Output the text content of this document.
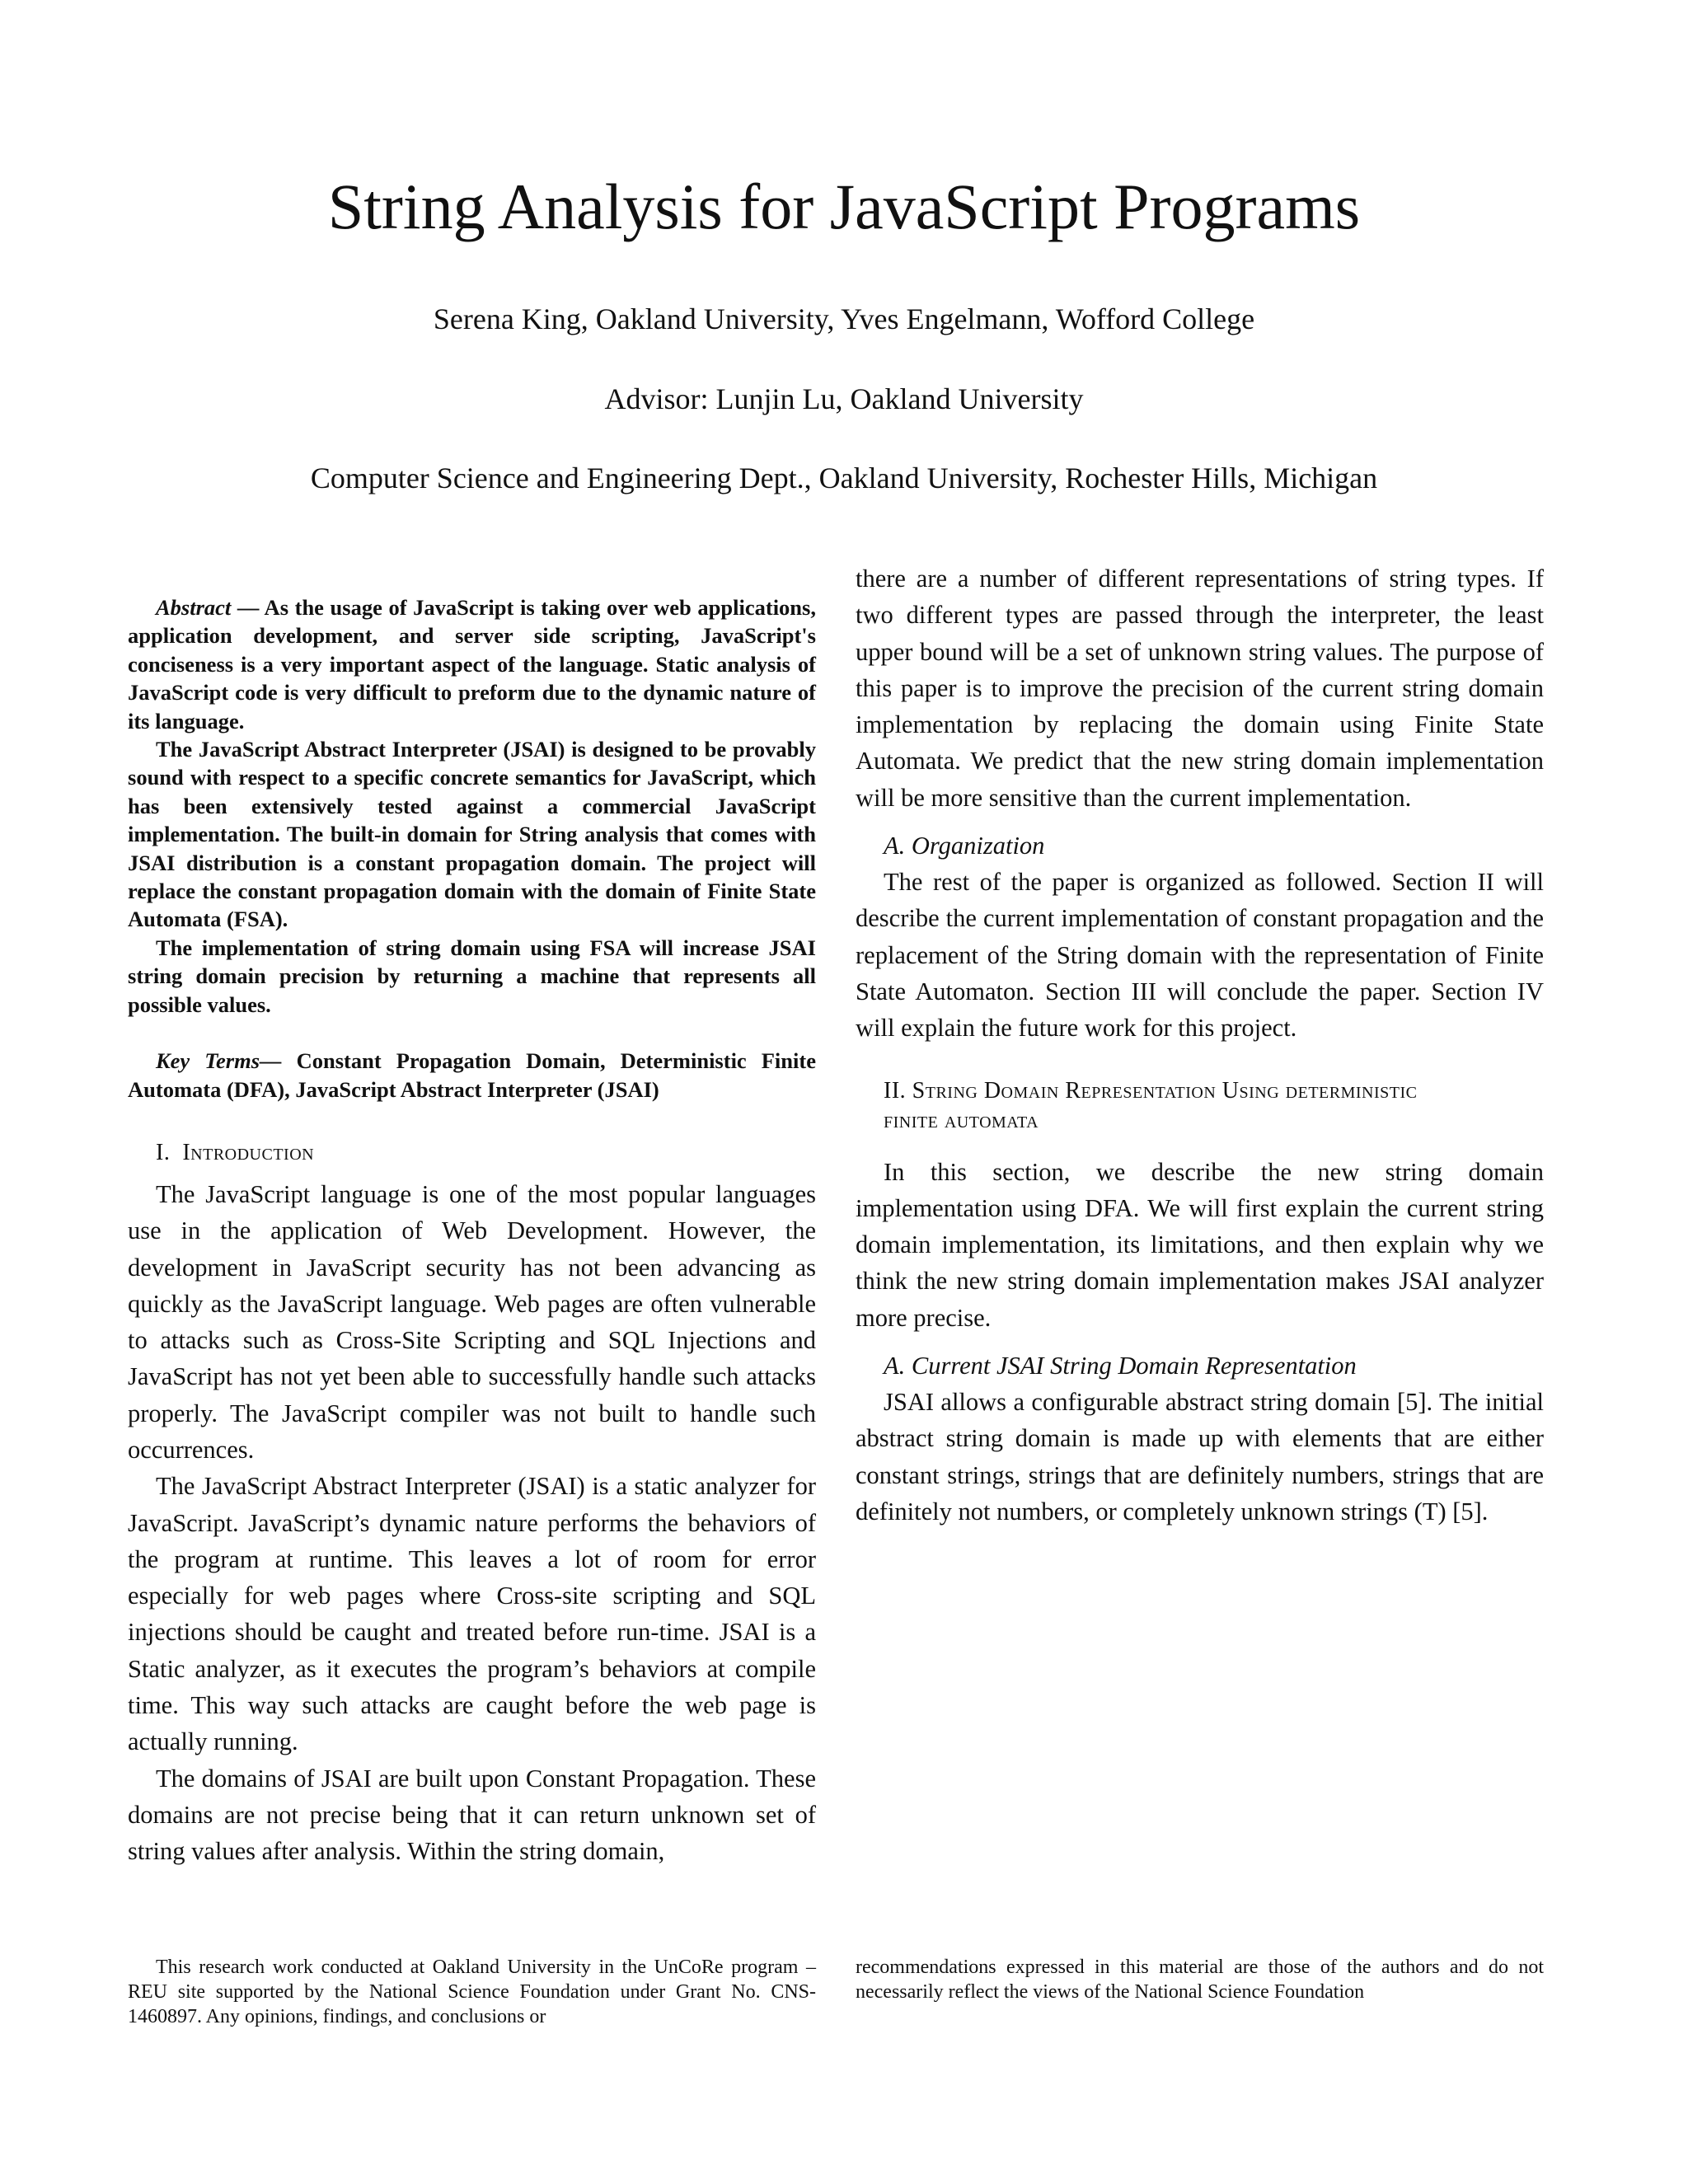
String Analysis for JavaScript Programs

Serena King, Oakland University, Yves Engelmann, Wofford College

Advisor: Lunjin Lu, Oakland University

Computer Science and Engineering Dept., Oakland University, Rochester Hills, Michigan

Abstract — As the usage of JavaScript is taking over web applications, application development, and server side scripting, JavaScript's conciseness is a very important aspect of the language. Static analysis of JavaScript code is very difficult to preform due to the dynamic nature of its language.

The JavaScript Abstract Interpreter (JSAI) is designed to be provably sound with respect to a specific concrete semantics for JavaScript, which has been extensively tested against a commercial JavaScript implementation. The built-in domain for String analysis that comes with JSAI distribution is a constant propagation domain. The project will replace the constant propagation domain with the domain of Finite State Automata (FSA).

The implementation of string domain using FSA will increase JSAI string domain precision by returning a machine that represents all possible values.

Key Terms— Constant Propagation Domain, Deterministic Finite Automata (DFA), JavaScript Abstract Interpreter (JSAI)

I. Introduction

The JavaScript language is one of the most popular languages use in the application of Web Development. However, the development in JavaScript security has not been advancing as quickly as the JavaScript language. Web pages are often vulnerable to attacks such as Cross-Site Scripting and SQL Injections and JavaScript has not yet been able to successfully handle such attacks properly. The JavaScript compiler was not built to handle such occurrences.

The JavaScript Abstract Interpreter (JSAI) is a static analyzer for JavaScript. JavaScript’s dynamic nature performs the behaviors of the program at runtime. This leaves a lot of room for error especially for web pages where Cross-site scripting and SQL injections should be caught and treated before run-time. JSAI is a Static analyzer, as it executes the program’s behaviors at compile time. This way such attacks are caught before the web page is actually running.

The domains of JSAI are built upon Constant Propagation. These domains are not precise being that it can return unknown set of string values after analysis. Within the string domain,

there are a number of different representations of string types. If two different types are passed through the interpreter, the least upper bound will be a set of unknown string values. The purpose of this paper is to improve the precision of the current string domain implementation by replacing the domain using Finite State Automata. We predict that the new string domain implementation will be more sensitive than the current implementation.

A. Organization

The rest of the paper is organized as followed. Section II will describe the current implementation of constant propagation and the replacement of the String domain with the representation of Finite State Automaton. Section III will conclude the paper. Section IV will explain the future work for this project.

II. String Domain Representation Using deterministic

finite automata

In this section, we describe the new string domain implementation using DFA. We will first explain the current string domain implementation, its limitations, and then explain why we think the new string domain implementation makes JSAI analyzer more precise.

A. Current JSAI String Domain Representation

JSAI allows a configurable abstract string domain [5]. The initial abstract string domain is made up with elements that are either constant strings, strings that are definitely numbers, strings that are definitely not numbers, or completely unknown strings (T) [5].

This research work conducted at Oakland University in the UnCoRe program – REU site supported by the National Science Foundation under Grant No. CNS-1460897. Any opinions, findings, and conclusions or
recommendations expressed in this material are those of the authors and do not necessarily reflect the views of the National Science Foundation
